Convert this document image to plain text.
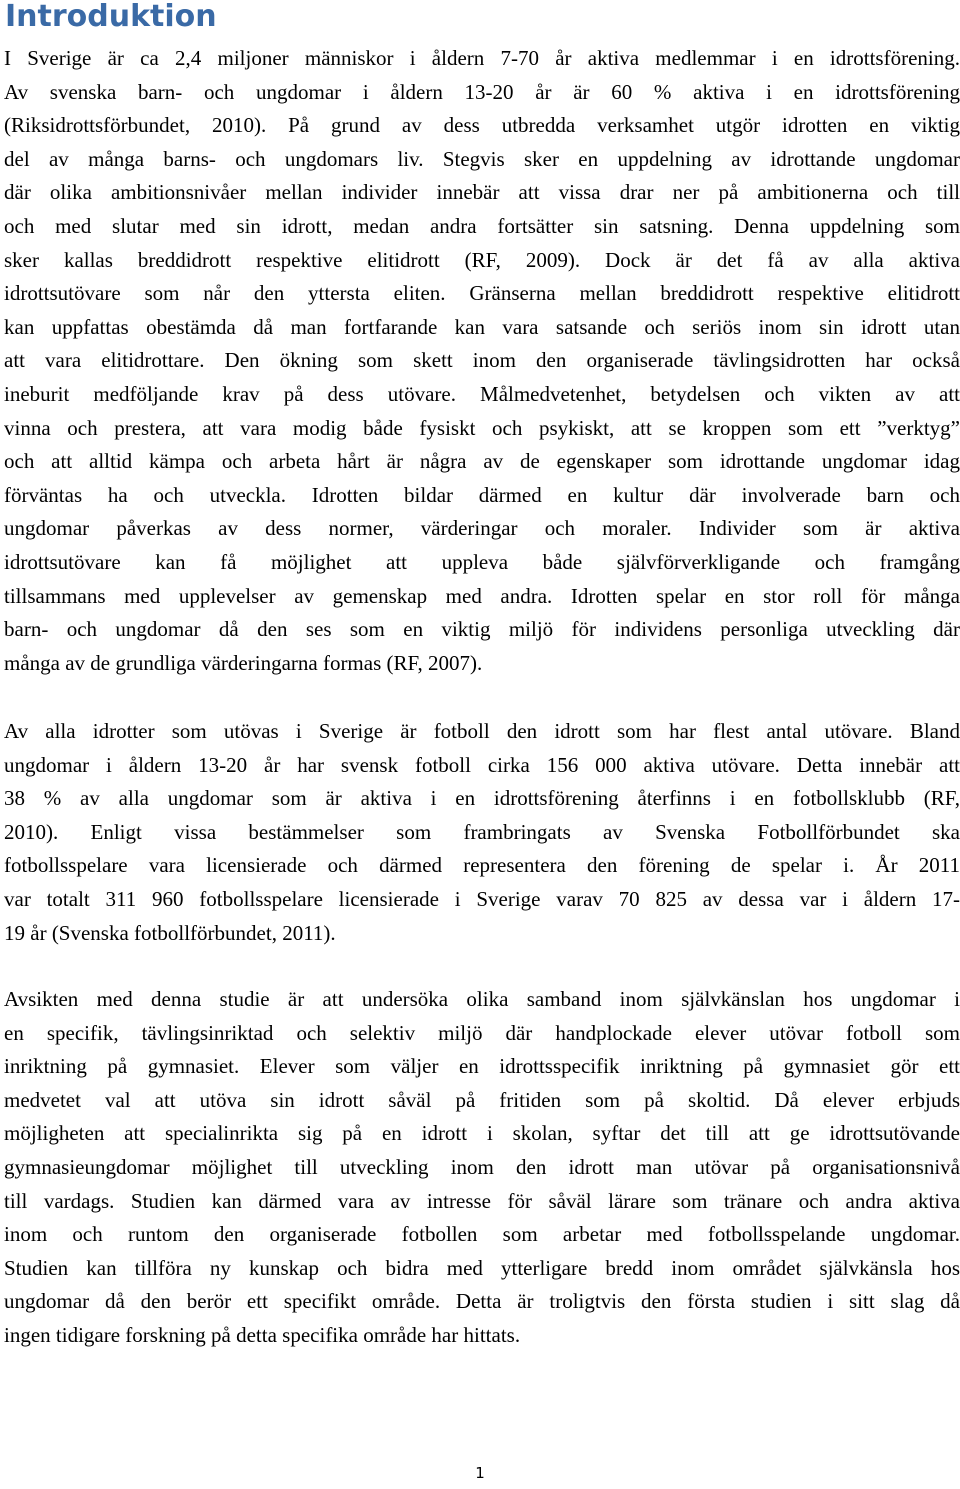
Introduktion
I Sverige är ca 2,4 miljoner människor i åldern 7-70 år aktiva medlemmar i en idrottsförening.
Av svenska barn- och ungdomar i åldern 13-20 år är 60 % aktiva i en idrottsförening
(Riksidrottsförbundet, 2010). På grund av dess utbredda verksamhet utgör idrotten en viktig
del av många barns- och ungdomars liv. Stegvis sker en uppdelning av idrottande ungdomar
där olika ambitionsnivåer mellan individer innebär att vissa drar ner på ambitionerna och till
och med slutar med sin idrott, medan andra fortsätter sin satsning. Denna uppdelning som
sker kallas breddidrott respektive elitidrott (RF, 2009). Dock är det få av alla aktiva
idrottsutövare som når den yttersta eliten. Gränserna mellan breddidrott respektive elitidrott
kan uppfattas obestämda då man fortfarande kan vara satsande och seriös inom sin idrott utan
att vara elitidrottare. Den ökning som skett inom den organiserade tävlingsidrotten har också
ineburit medföljande krav på dess utövare. Målmedvetenhet, betydelsen och vikten av att
vinna och prestera, att vara modig både fysiskt och psykiskt, att se kroppen som ett ”verktyg”
och att alltid kämpa och arbeta hårt är några av de egenskaper som idrottande ungdomar idag
förväntas ha och utveckla. Idrotten bildar därmed en kultur där involverade barn och
ungdomar påverkas av dess normer, värderingar och moraler. Individer som är aktiva
idrottsutövare kan få möjlighet att uppleva både självförverkligande och framgång
tillsammans med upplevelser av gemenskap med andra. Idrotten spelar en stor roll för många
barn- och ungdomar då den ses som en viktig miljö för individens personliga utveckling där
många av de grundliga värderingarna formas (RF, 2007).
Av alla idrotter som utövas i Sverige är fotboll den idrott som har flest antal utövare. Bland
ungdomar i åldern 13-20 år har svensk fotboll cirka 156 000 aktiva utövare. Detta innebär att
38 % av alla ungdomar som är aktiva i en idrottsförening återfinns i en fotbollsklubb (RF,
2010). Enligt vissa bestämmelser som frambringats av Svenska Fotbollförbundet ska
fotbollsspelare vara licensierade och därmed representera den förening de spelar i. År 2011
var totalt 311 960 fotbollsspelare licensierade i Sverige varav 70 825 av dessa var i åldern 17-
19 år (Svenska fotbollförbundet, 2011).
Avsikten med denna studie är att undersöka olika samband inom självkänslan hos ungdomar i
en specifik, tävlingsinriktad och selektiv miljö där handplockade elever utövar fotboll som
inriktning på gymnasiet. Elever som väljer en idrottsspecifik inriktning på gymnasiet gör ett
medvetet val att utöva sin idrott såväl på fritiden som på skoltid. Då elever erbjuds
möjligheten att specialinrikta sig på en idrott i skolan, syftar det till att ge idrottsutövande
gymnasieungdomar möjlighet till utveckling inom den idrott man utövar på organisationsnivå
till vardags. Studien kan därmed vara av intresse för såväl lärare som tränare och andra aktiva
inom och runtom den organiserade fotbollen som arbetar med fotbollsspelande ungdomar.
Studien kan tillföra ny kunskap och bidra med ytterligare bredd inom området självkänsla hos
ungdomar då den berör ett specifikt område. Detta är troligtvis den första studien i sitt slag då
ingen tidigare forskning på detta specifika område har hittats.
1
